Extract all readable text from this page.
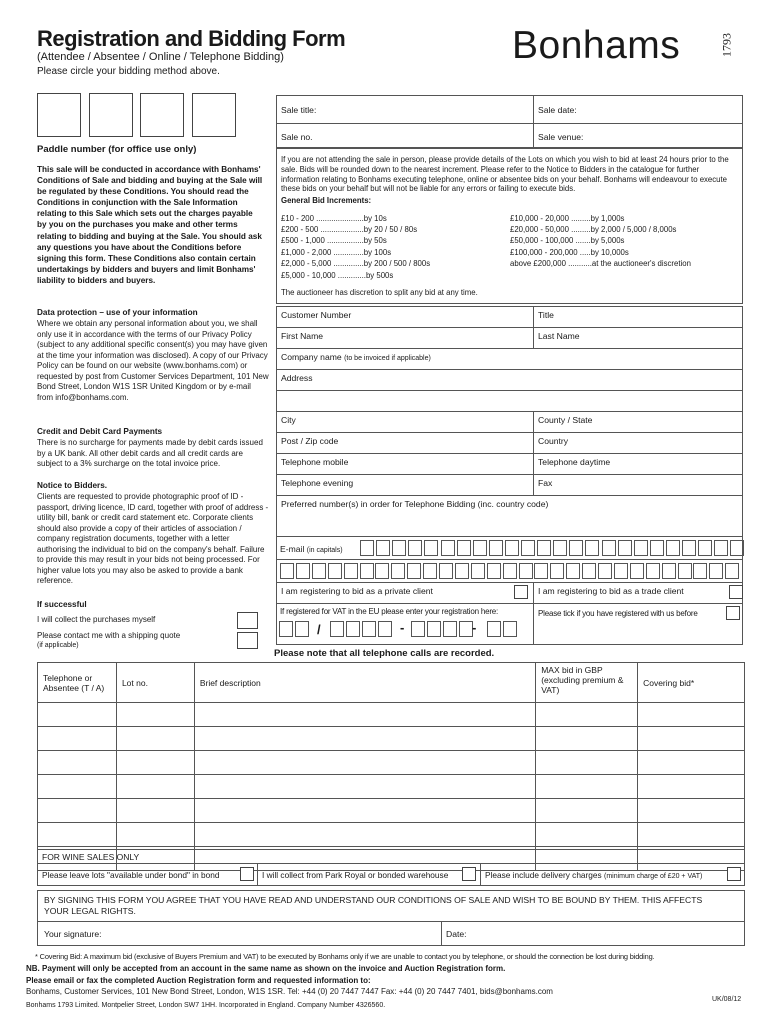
Registration and Bidding Form
(Attendee / Absentee / Online / Telephone Bidding)
Please circle your bidding method above.
Bonhams	1793
Paddle number (for office use only)
This sale will be conducted in accordance with Bonhams' Conditions of Sale and bidding and buying at the Sale will be regulated by these Conditions. You should read the Conditions in conjunction with the Sale Information relating to this Sale which sets out the charges payable by you on the purchases you make and other terms relating to bidding and buying at the Sale. You should ask any questions you have about the Conditions before signing this form. These Conditions also contain certain undertakings by bidders and buyers and limit Bonhams' liability to bidders and buyers.
Data protection – use of your information
Where we obtain any personal information about you, we shall only use it in accordance with the terms of our Privacy Policy (subject to any additional specific consent(s) you may have given at the time your information was disclosed). A copy of our Privacy Policy can be found on our website (www.bonhams.com) or requested by post from Customer Services Department, 101 New Bond Street, London W1S 1SR United Kingdom or by e-mail from info@bonhams.com.
Credit and Debit Card Payments
There is no surcharge for payments made by debit cards issued by a UK bank. All other debit cards and all credit cards are subject to a 3% surcharge on the total invoice price.
Notice to Bidders.
Clients are requested to provide photographic proof of ID - passport, driving licence, ID card, together with proof of address - utility bill, bank or credit card statement etc. Corporate clients should also provide a copy of their articles of association / company registration documents, together with a letter authorising the individual to bid on the company's behalf. Failure to provide this may result in your bids not being processed. For higher value lots you may also be asked to provide a bank reference.
If successful
I will collect the purchases myself
Please contact me with a shipping quote
(if applicable)
Sale title:	Sale date:
Sale no.	Sale venue:
If you are not attending the sale in person, please provide details of the Lots on which you wish to bid at least 24 hours prior to the sale. Bids will be rounded down to the nearest increment. Please refer to the Notice to Bidders in the catalogue for further information relating to Bonhams executing telephone, online or absentee bids on your behalf. Bonhams will endeavour to execute these bids on your behalf but will not be liable for any errors or failing to execute bids.
General Bid Increments:
£10 - 200 ......................by 10s
£200 - 500 ....................by 20 / 50 / 80s
£500 - 1,000 .................by 50s
£1,000 - 2,000 ..............by 100s
£2,000 - 5,000 ..............by 200 / 500 / 800s
£5,000 - 10,000 .............by 500s
£10,000 - 20,000 .........by 1,000s
£20,000 - 50,000 .........by 2,000 / 5,000 / 8,000s
£50,000 - 100,000 .......by 5,000s
£100,000 - 200,000 .....by 10,000s
above £200,000 ...........at the auctioneer's discretion
The auctioneer has discretion to split any bid at any time.
Customer Number	Title
First Name	Last Name
Company name (to be invoiced if applicable)
Address
City	County / State
Post / Zip code	Country
Telephone mobile	Telephone daytime
Telephone evening	Fax
Preferred number(s) in order for Telephone Bidding (inc. country code)
E-mail (in capitals)
I am registering to bid as a private client	I am registering to bid as a trade client
If registered for VAT in the EU please enter your registration here:
/	-	-
Please tick if you have registered with us before
Please note that all telephone calls are recorded.
Telephone or Absentee (T / A)	Lot no.	Brief description	MAX bid in GBP (excluding premium & VAT)	Covering bid*

FOR WINE SALES ONLY
Please leave lots "available under bond" in bond	I will collect from Park Royal or bonded warehouse	Please include delivery charges (minimum charge of £20 + VAT)
BY SIGNING THIS FORM YOU AGREE THAT YOU HAVE READ AND UNDERSTAND OUR CONDITIONS OF SALE AND WISH TO BE BOUND BY THEM. THIS AFFECTS YOUR LEGAL RIGHTS.
Your signature:	Date:
* Covering Bid: A maximum bid (exclusive of Buyers Premium and VAT) to be executed by Bonhams only if we are unable to contact you by telephone, or should the connection be lost during bidding.
NB. Payment will only be accepted from an account in the same name as shown on the invoice and Auction Registration form.
Please email or fax the completed Auction Registration form and requested information to:
Bonhams, Customer Services, 101 New Bond Street, London, W1S 1SR. Tel: +44 (0) 20 7447 7447 Fax: +44 (0) 20 7447 7401, bids@bonhams.com
Bonhams 1793 Limited. Montpelier Street, London SW7 1HH. Incorporated in England. Company Number 4326560.
UK/08/12
